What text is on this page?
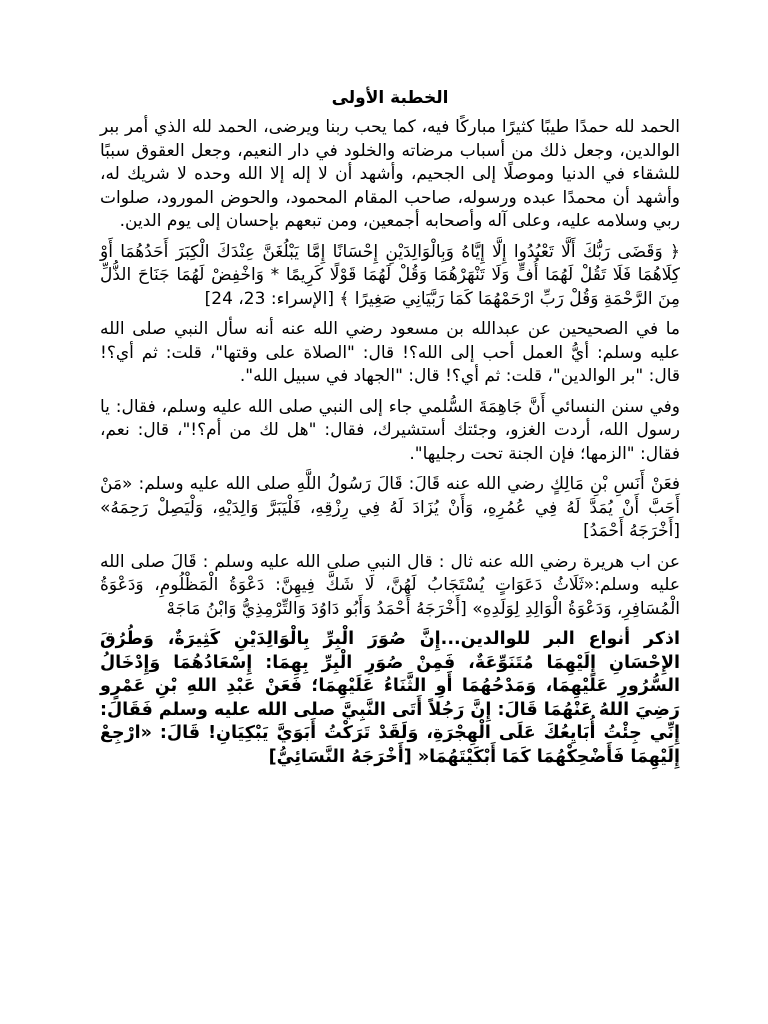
الخطبة الأولى

الحمد لله حمدًا طيبًا كثيرًا مباركًا فيه، كما يحب ربنا ويرضى، الحمد لله الذي أمر ببر الوالدين، وجعل ذلك من أسباب مرضاته والخلود في دار النعيم، وجعل العقوق سببًا للشقاء في الدنيا وموصلًا إلى الجحيم، وأشهد أن لا إله إلا الله وحده لا شريك له، وأشهد أن محمدًا عبده ورسوله، صاحب المقام المحمود، والحوض المورود، صلوات ربي وسلامه عليه، وعلى آله وأصحابه أجمعين، ومن تبعهم بإحسان إلى يوم الدين.

﴿ وَقَضَى رَبُّكَ أَلَّا تَعْبُدُوا إِلَّا إِيَّاهُ وَبِالْوَالِدَيْنِ إِحْسَانًا إِمَّا يَبْلُغَنَّ عِنْدَكَ الْكِبَرَ أَحَدُهُمَا أَوْ كِلَاهُمَا فَلَا تَقُلْ لَهُمَا أُفٍّ وَلَا تَنْهَرْهُمَا وَقُلْ لَهُمَا قَوْلًا كَرِيمًا * وَاخْفِضْ لَهُمَا جَنَاحَ الذُّلِّ مِنَ الرَّحْمَةِ وَقُلْ رَبِّ ارْحَمْهُمَا كَمَا رَبَّيَانِي صَغِيرًا ﴾ [الإسراء: 23، 24]

ما في الصحيحين عن عبدالله بن مسعود رضي الله عنه أنه سأل النبي صلى الله عليه وسلم: أيُّ العمل أحب إلى الله؟! قال: "الصلاة على وقتها"، قلت: ثم أي؟! قال: "بر الوالدين"، قلت: ثم أي؟! قال: "الجهاد في سبيل الله".

وفي سنن النسائي أَنَّ جَاهِمَةَ السُّلمي جاء إلى النبي صلى الله عليه وسلم، فقال: يا رسول الله، أردت الغزو، وجئتك أستشيرك، فقال: "هل لك من أم؟!"، قال: نعم، فقال: "الزمها؛ فإن الجنة تحت رجليها".

فعَنْ أَنَسِ بْنِ مَالِكٍ رضي الله عنه قَالَ: قَالَ رَسُولُ اللَّهِ صلى الله عليه وسلم: «مَنْ أَحَبَّ أَنْ يُمَدَّ لَهُ فِي عُمُرِهِ، وَأَنْ يُزَادَ لَهُ فِي رِزْقِهِ، فَلْيَبَرَّ وَالِدَيْهِ، وَلْيَصِلْ رَحِمَهُ» [أَخْرَجَهُ أَحْمَدُ]

عن اب هريرة رضي الله عنه ثال : قال النبي صلى الله عليه وسلم : قَالَ صلى الله عليه وسلم:«ثَلَاثُ دَعَوَاتٍ يُسْتَجَابُ لَهُنَّ، لَا شَكَّ فِيهِنَّ: دَعْوَةُ الْمَظْلُومِ، وَدَعْوَةُ الْمُسَافِرِ، وَدَعْوَةُ الْوَالِدِ لِوَلَدِهِ» [أَخْرَجَهُ أَحْمَدُ وَأَبُو دَاوُدَ وَالتِّرْمِذِيُّ وَابْنُ مَاجَهْ

اذكر أنواع البر للوالدين...إِنَّ صُوَرَ الْبِرِّ بِالْوَالِدَيْنِ كَثِيرَةٌ، وَطُرُقَ الإِحْسَانِ إِلَيْهِمَا مُتَنَوِّعَةٌ، فَمِنْ صُوَرِ الْبِرِّ بِهِمَا: إِسْعَادُهُمَا وَإِدْخَالُ السُّرُورِ عَلَيْهِمَا، وَمَدْحُهُمَا أَوِ الثَّنَاءُ عَلَيْهِمَا؛ فَعَنْ عَبْدِ اللهِ بْنِ عَمْرٍو رَضِيَ اللهُ عَنْهُمَا قَالَ: إِنَّ رَجُلاً أَتَى النَّبِيَّ صلى الله عليه وسلم فَقَالَ: إِنِّي جِئْتُ أُبَايِعُكَ عَلَى الْهِجْرَةِ، وَلَقَدْ تَرَكْتُ أَبَوَيَّ يَبْكِيَانِ! قَالَ: «ارْجِعْ إِلَيْهِمَا فَأَضْحِكْهُمَا كَمَا أَبْكَيْتَهُمَا« [أَخْرَجَهُ النَّسَائِيُّ]
